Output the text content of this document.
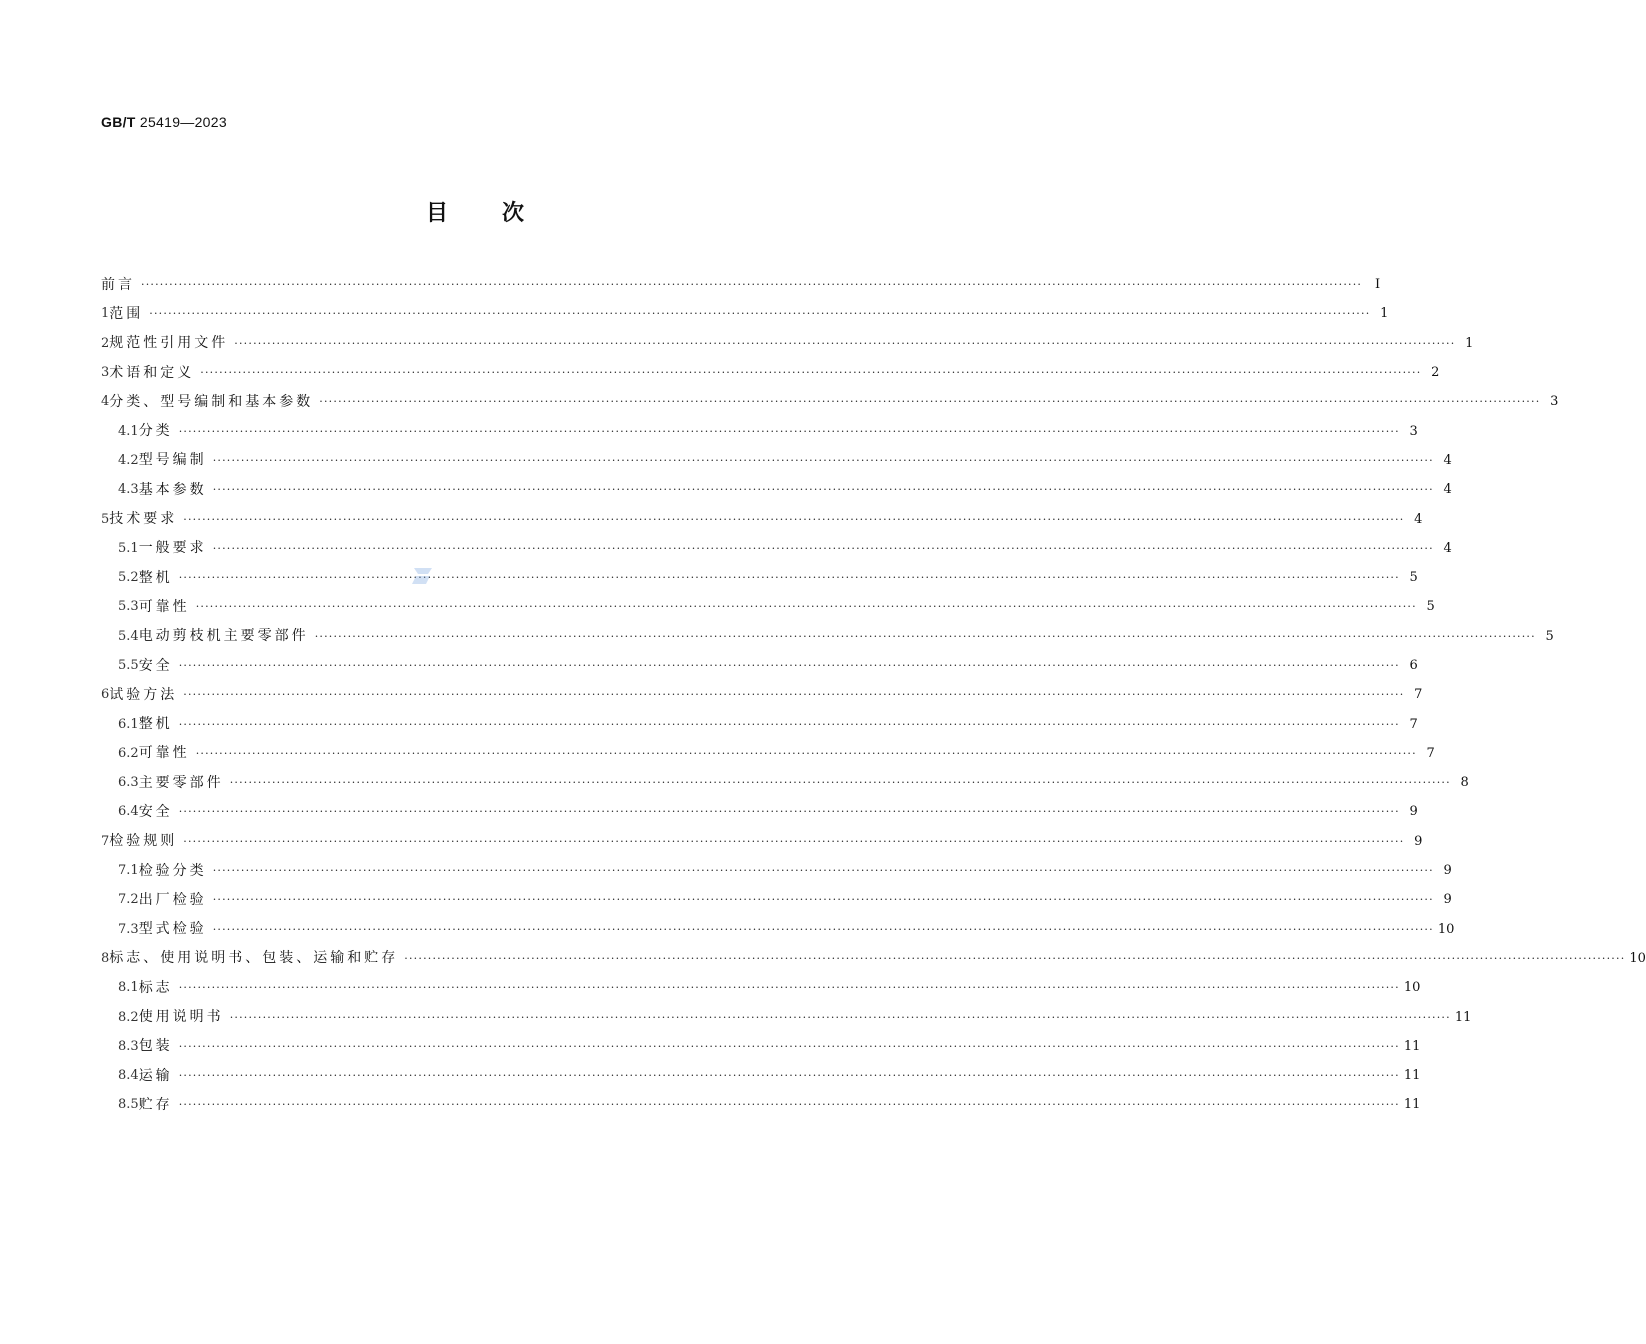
GB/T 25419—2023
目 次
前言 ···································································································································································································································································· Ⅰ
1 范围 ···································································································································································································································································· 1
2 规范性引用文件 ···································································································································································································································································· 1
3 术语和定义 ···································································································································································································································································· 2
4 分类、型号编制和基本参数 ···································································································································································································································································· 3
4.1 分类 ···································································································································································································································································· 3
4.2 型号编制 ···································································································································································································································································· 4
4.3 基本参数 ···································································································································································································································································· 4
5 技术要求 ···································································································································································································································································· 4
5.1 一般要求 ···································································································································································································································································· 4
5.2 整机 ···································································································································································································································································· 5
5.3 可靠性 ···································································································································································································································································· 5
5.4 电动剪枝机主要零部件 ···································································································································································································································································· 5
5.5 安全 ···································································································································································································································································· 6
6 试验方法 ···································································································································································································································································· 7
6.1 整机 ···································································································································································································································································· 7
6.2 可靠性 ···································································································································································································································································· 7
6.3 主要零部件 ···································································································································································································································································· 8
6.4 安全 ···································································································································································································································································· 9
7 检验规则 ···································································································································································································································································· 9
7.1 检验分类 ···································································································································································································································································· 9
7.2 出厂检验 ···································································································································································································································································· 9
7.3 型式检验 ···································································································································································································································································· 10
8 标志、使用说明书、包装、运输和贮存 ···································································································································································································································································· 10
8.1 标志 ···································································································································································································································································· 10
8.2 使用说明书 ···································································································································································································································································· 11
8.3 包装 ···································································································································································································································································· 11
8.4 运输 ···································································································································································································································································· 11
8.5 贮存 ···································································································································································································································································· 11
